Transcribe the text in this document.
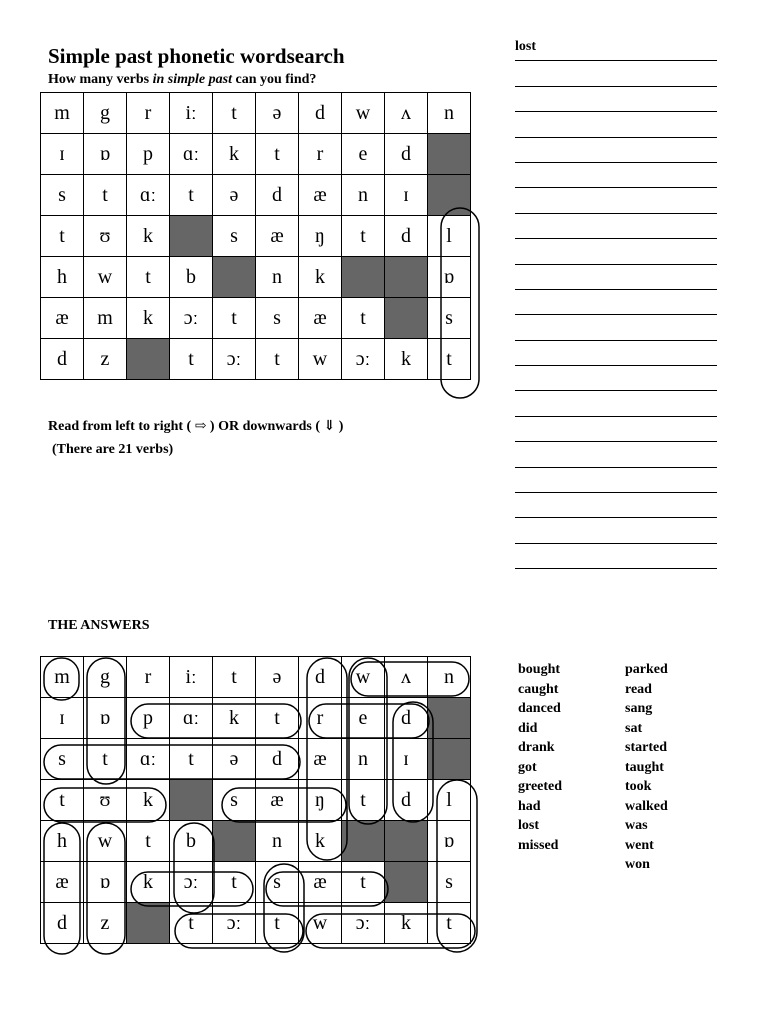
Simple past phonetic wordsearch
How many verbs in simple past can you find?
m	g	r	iː	t	ə	d	w	ʌ	n
ɪ	ɒ	p	ɑː	k	t	r	e	d	
s	t	ɑː	t	ə	d	æ	n	ɪ	
t	ʊ	k		s	æ	ŋ	t	d	l
h	w	t	b		n	k			ɒ
æ	m	k	ɔː	t	s	æ	t		s
d	z		t	ɔː	t	w	ɔː	k	t
Read from left to right ( ⇨ ) OR downwards ( ⇓ )
(There are 21 verbs)
lost
THE ANSWERS
m	g	r	iː	t	ə	d	w	ʌ	n
ɪ	ɒ	p	ɑː	k	t	r	e	d	
s	t	ɑː	t	ə	d	æ	n	ɪ	
t	ʊ	k		s	æ	ŋ	t	d	l
h	w	t	b		n	k			ɒ
æ	ɒ	k	ɔː	t	s	æ	t		s
d	z		t	ɔː	t	w	ɔː	k	t
bought
caught
danced
did
drank
got
greeted
had
lost
missed
parked
read
sang
sat
started
taught
took
walked
was
went
won
